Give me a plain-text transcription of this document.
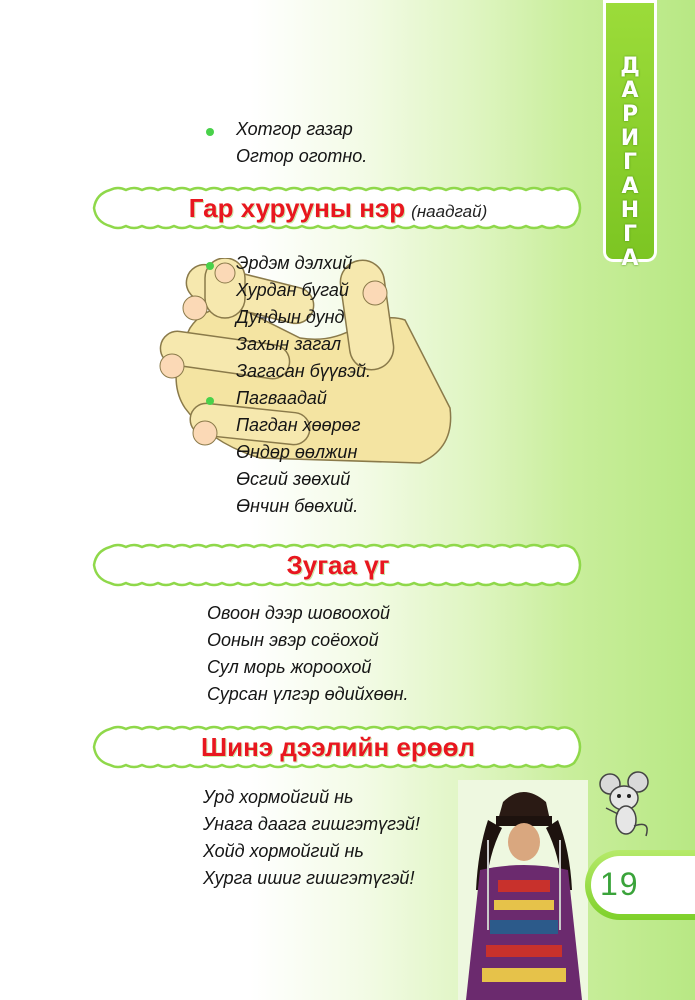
Д
А
Р
И
Г
А
Н
Г
А
Хотгор газар
Огтор оготно.
Гар хурууны нэр (наадгай)
Эрдэм дэлхий
Хурдан бугай
Дундын дунд
Захын загал
Загасан бүүвэй.
Пагваадай
Пагдан хөөрөг
Өндөр өөлжин
Өсгий зөөхий
Өнчин бөөхий.
Зугаа үг
Овоон дээр шовоохой
Оонын эвэр соёохой
Сул морь жороохой
Сурсан үлгэр өдийхөөн.
Шинэ дээлийн ерөөл
Урд хормойгий нь
Унага даага гишгэтүгэй!
Хойд хормойгий нь
Хурга ишиг гишгэтүгэй!	19
